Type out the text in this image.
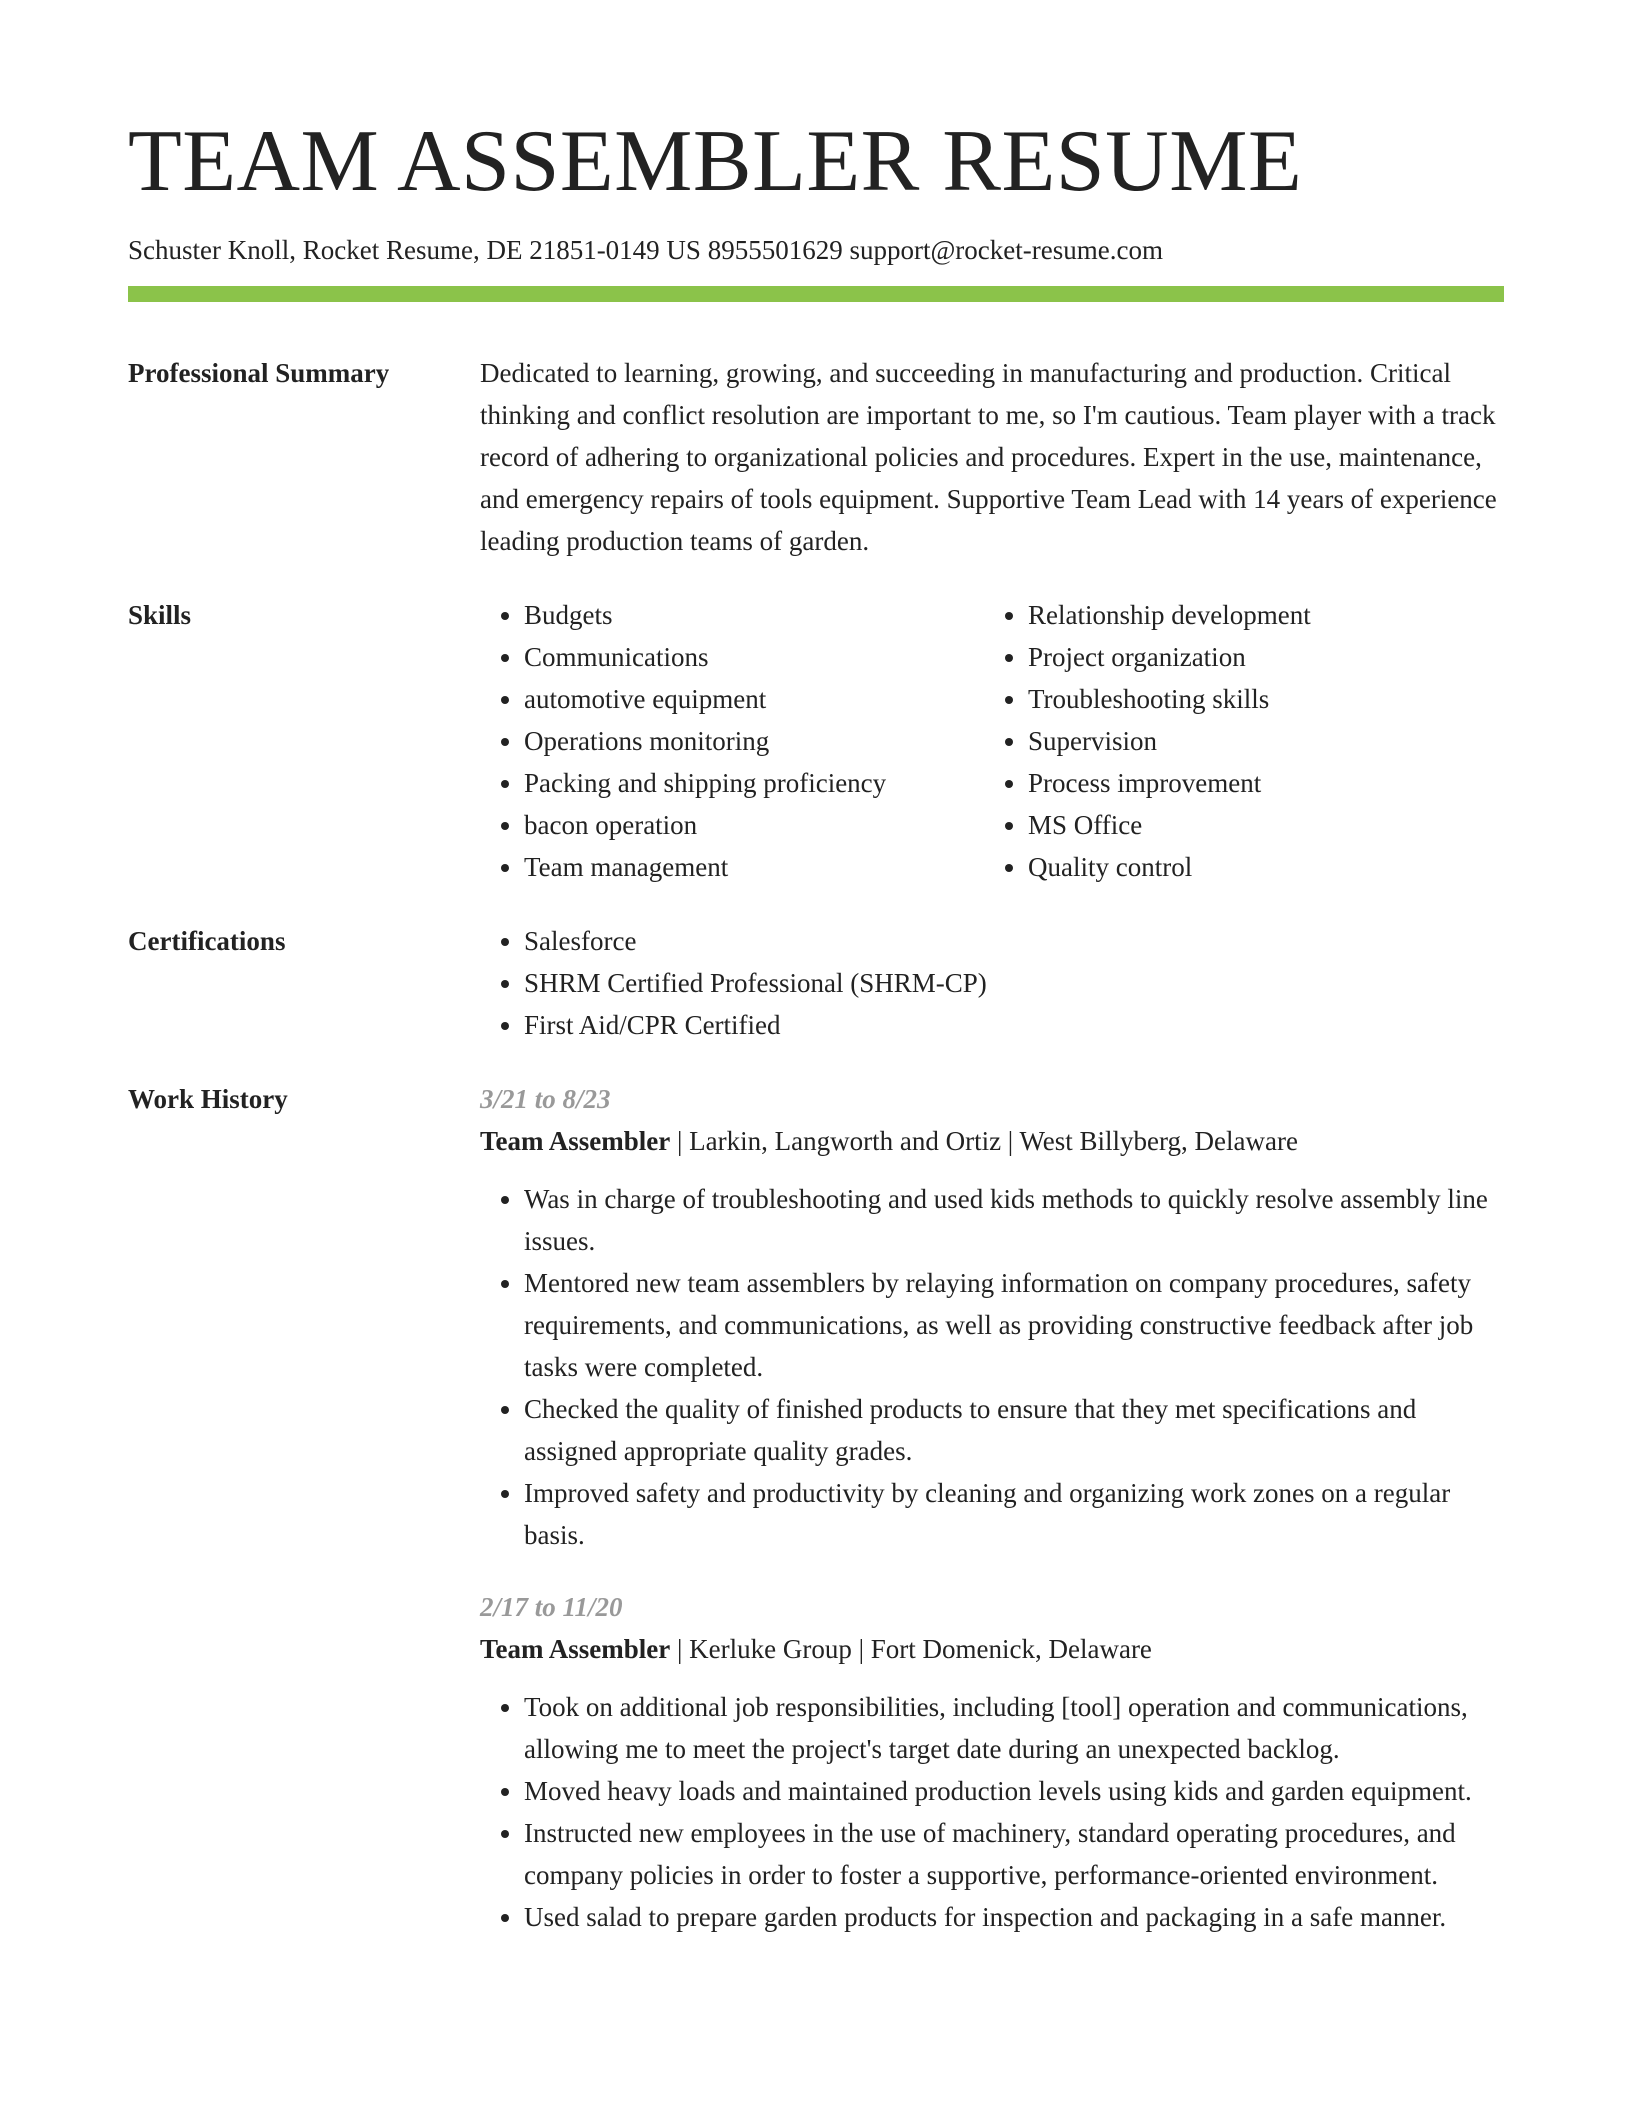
TEAM ASSEMBLER RESUME
Schuster Knoll, Rocket Resume, DE 21851-0149 US 8955501629 support@rocket-resume.com
Professional Summary	Dedicated to learning, growing, and succeeding in manufacturing and production. Critical thinking and conflict resolution are important to me, so I'm cautious. Team player with a track record of adhering to organizational policies and procedures. Expert in the use, maintenance, and emergency repairs of tools equipment. Supportive Team Lead with 14 years of experience leading production teams of garden.

Skills	• Budgets
• Communications
• automotive equipment
• Operations monitoring
• Packing and shipping proficiency
• bacon operation
• Team management
• Relationship development
• Project organization
• Troubleshooting skills
• Supervision
• Process improvement
• MS Office
• Quality control
Certifications	• Salesforce
• SHRM Certified Professional (SHRM-CP)
• First Aid/CPR Certified
Work History	3/21 to 8/23

Team Assembler | Larkin, Langworth and Ortiz | West Billyberg, Delaware

• Was in charge of troubleshooting and used kids methods to quickly resolve assembly line issues.
• Mentored new team assemblers by relaying information on company procedures, safety requirements, and communications, as well as providing constructive feedback after job tasks were completed.
• Checked the quality of finished products to ensure that they met specifications and assigned appropriate quality grades.
• Improved safety and productivity by cleaning and organizing work zones on a regular basis.

2/17 to 11/20

Team Assembler | Kerluke Group | Fort Domenick, Delaware

• Took on additional job responsibilities, including [tool] operation and communications, allowing me to meet the project's target date during an unexpected backlog.
• Moved heavy loads and maintained production levels using kids and garden equipment.
• Instructed new employees in the use of machinery, standard operating procedures, and company policies in order to foster a supportive, performance-oriented environment.
• Used salad to prepare garden products for inspection and packaging in a safe manner.
